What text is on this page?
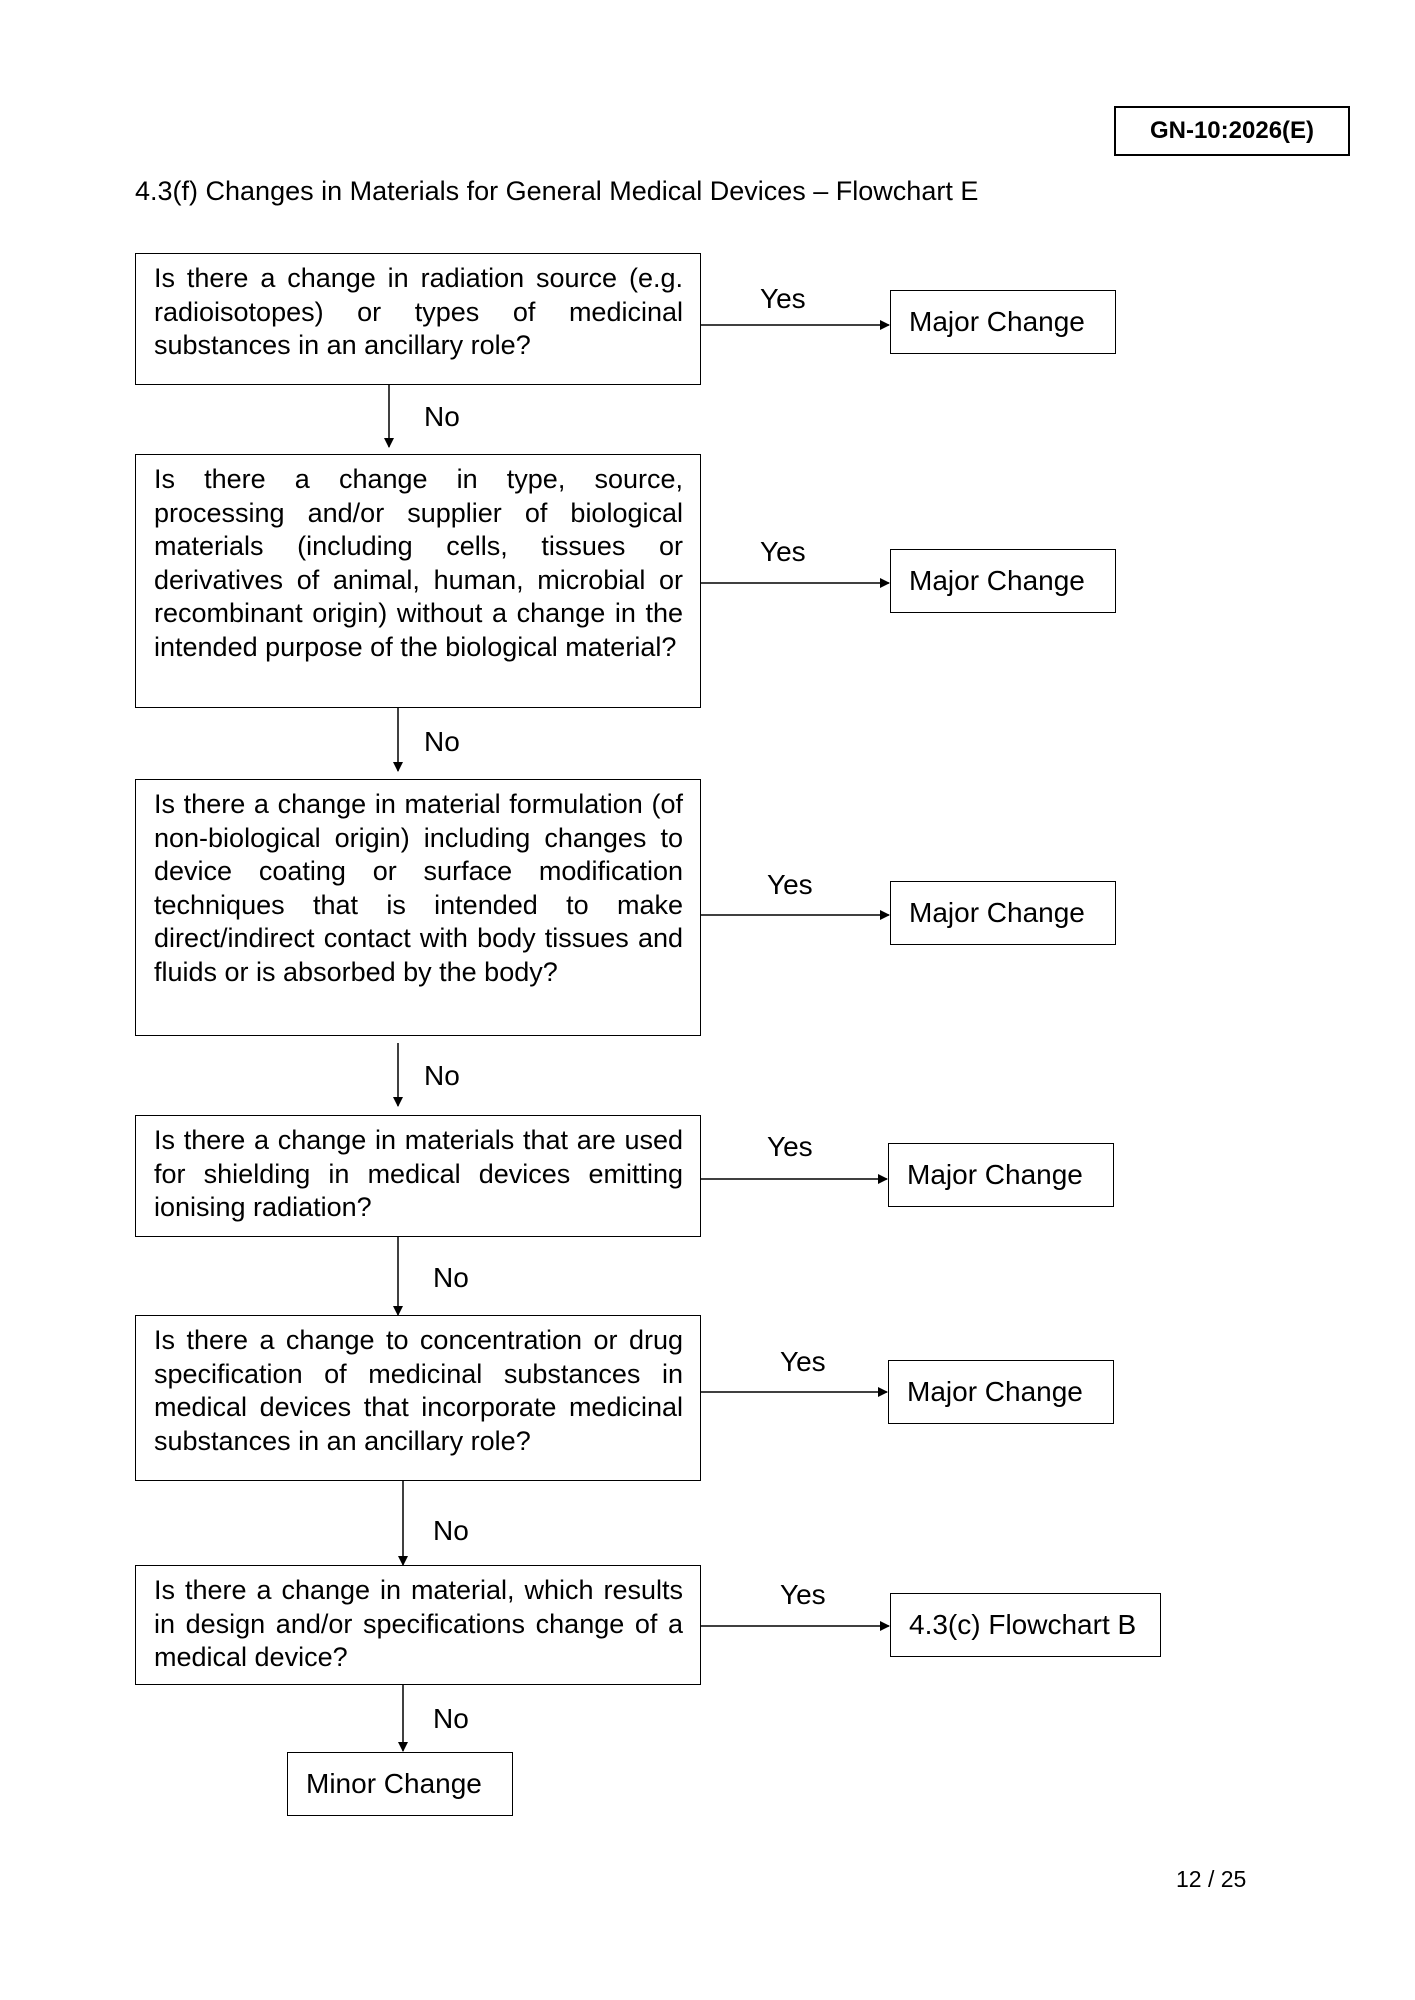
GN-10:2026(E)
4.3(f) Changes in Materials for General Medical Devices – Flowchart E
Is there a change in radiation source (e.g. radioisotopes) or types of medicinal substances in an ancillary role?
Is there a change in type, source, processing and/or supplier of biological materials (including cells, tissues or derivatives of animal, human, microbial or recombinant origin) without a change in the intended purpose of the biological material?
Is there a change in material formulation (of non-biological origin) including changes to device coating or surface modification techniques that is intended to make direct/indirect contact with body tissues and fluids or is absorbed by the body?
Is there a change in materials that are used for shielding in medical devices emitting ionising radiation?
Is there a change to concentration or drug specification of medicinal substances in medical devices that incorporate medicinal substances in an ancillary role?
Is there a change in material, which results in design and/or specifications change of a medical device?
Major Change
Major Change
Major Change
Major Change
Major Change
4.3(c) Flowchart B
Minor Change
Yes
Yes
Yes
Yes
Yes
Yes
No
No
No
No
No
No
12 / 25
